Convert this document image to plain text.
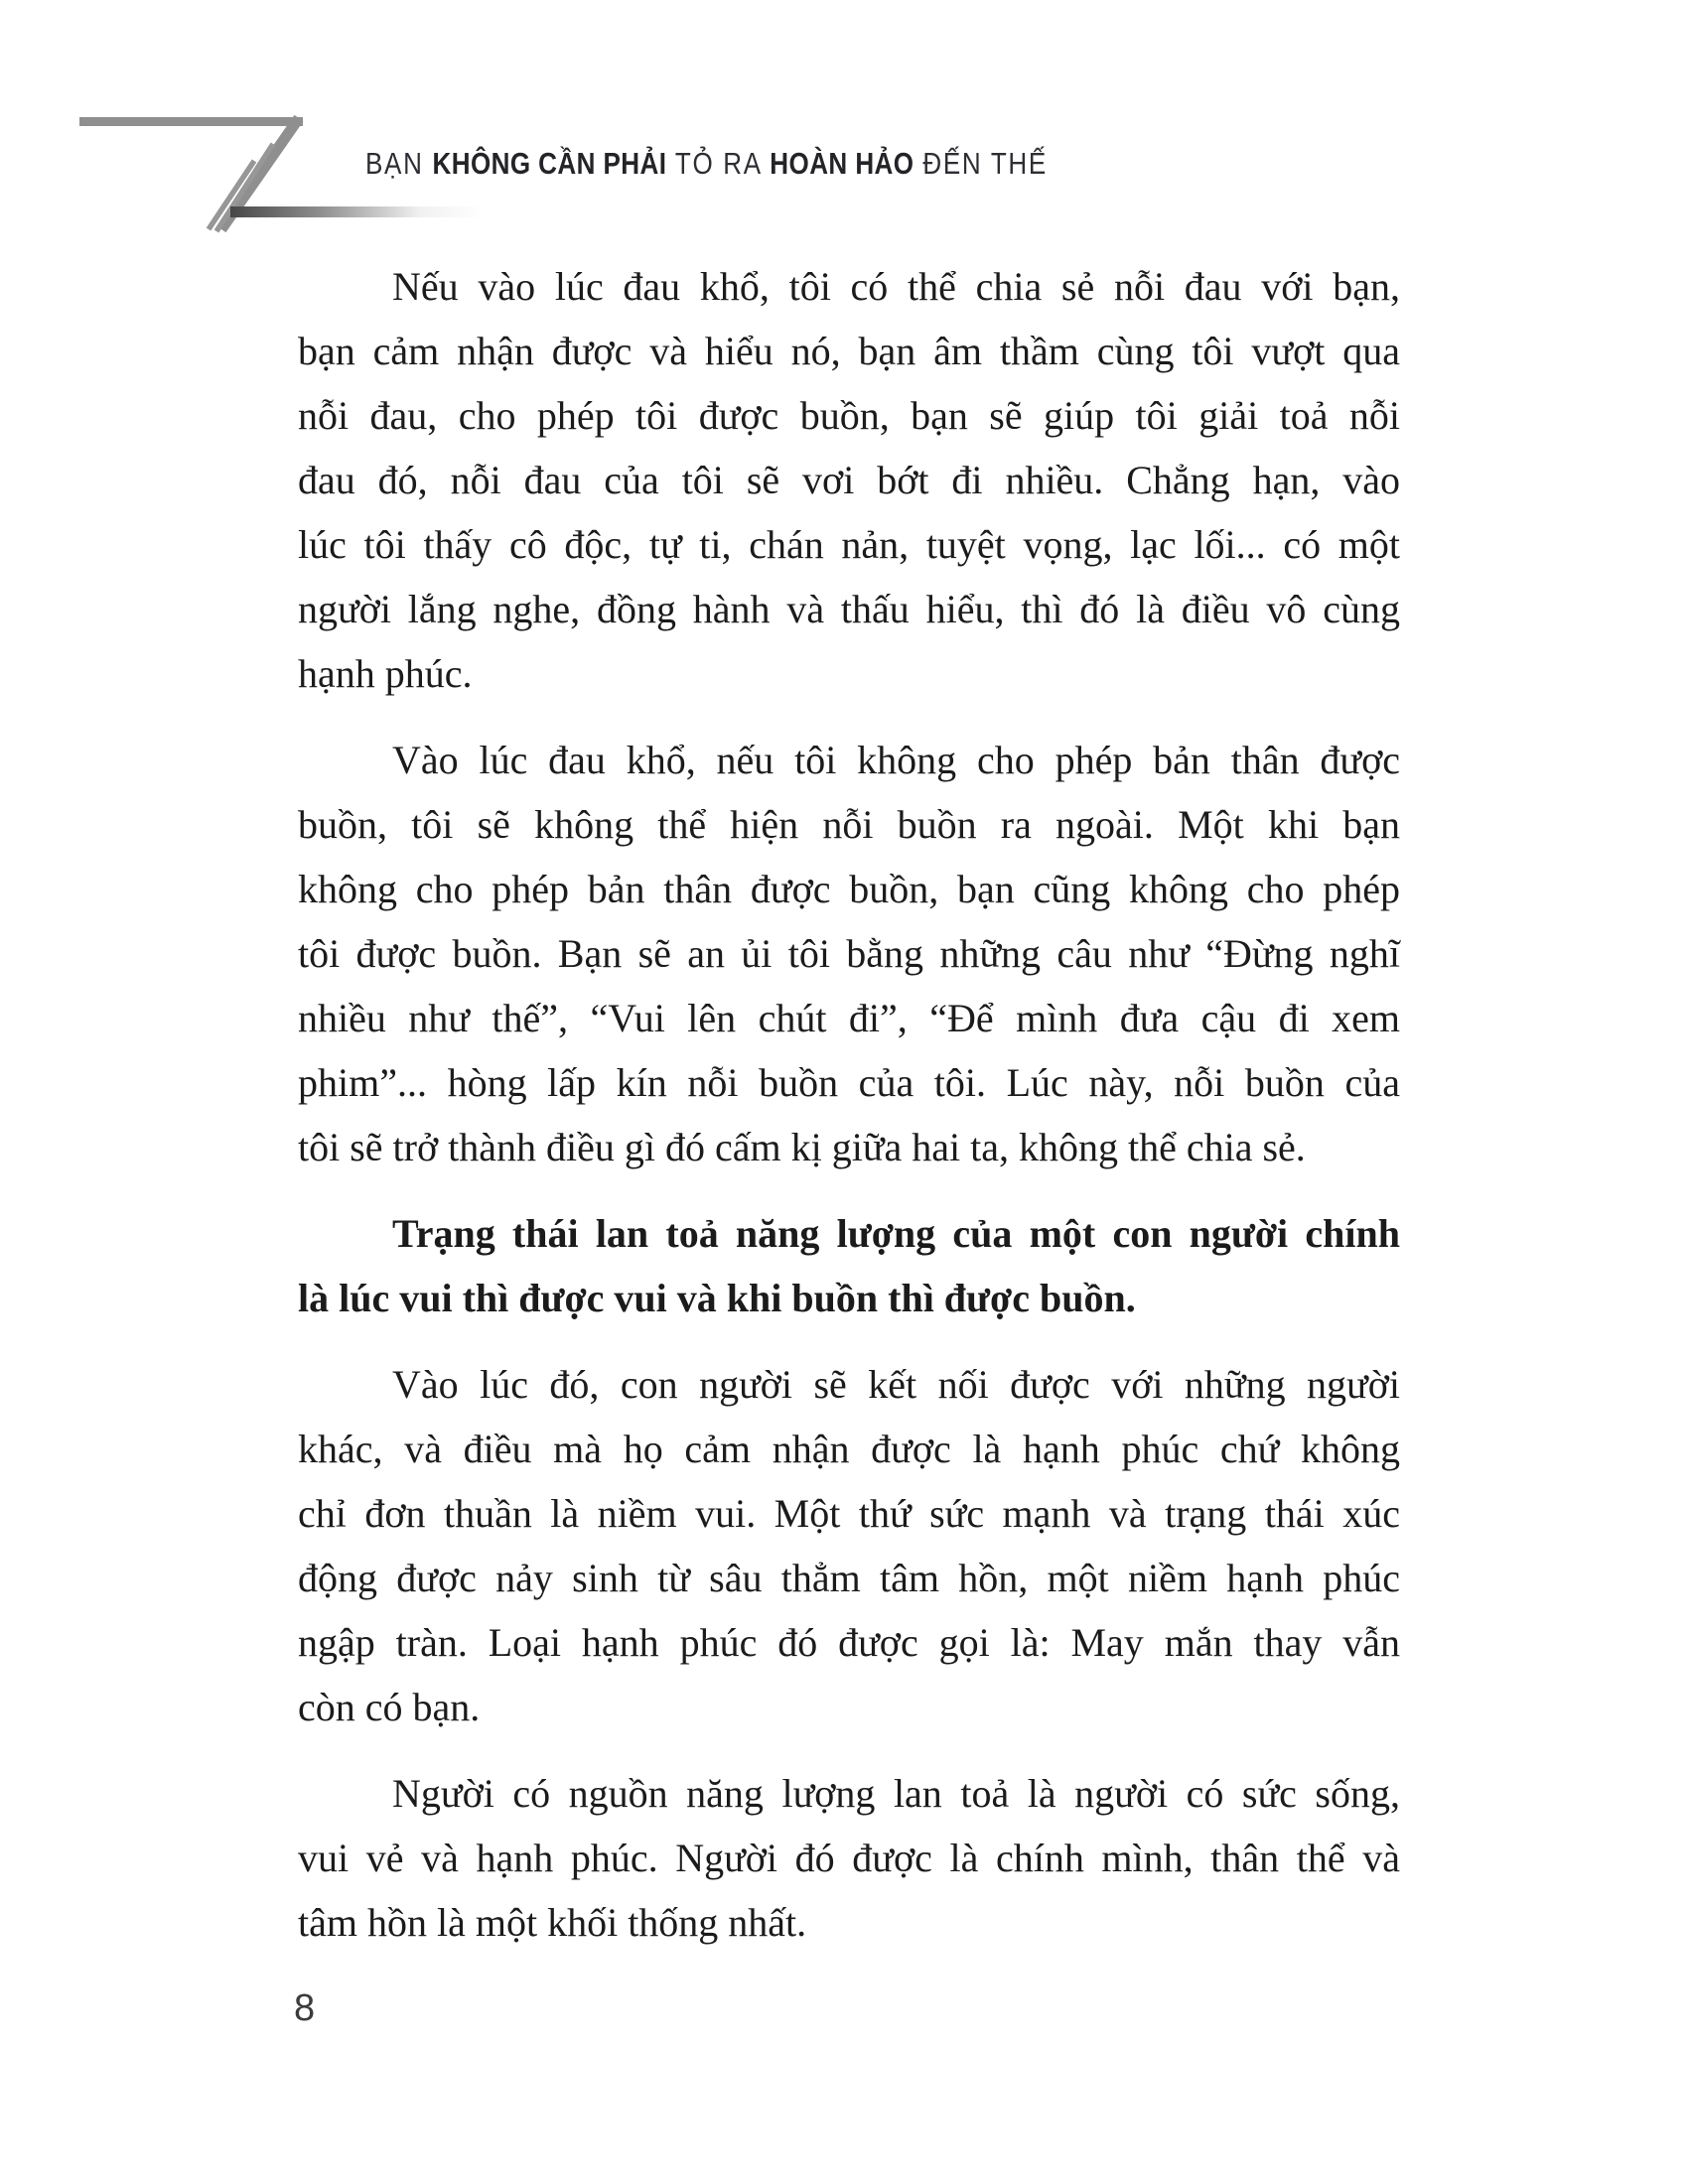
BẠN KHÔNG CẦN PHẢI TỎ RA HOÀN HẢO ĐẾN THẾ
Nếu vào lúc đau khổ, tôi có thể chia sẻ nỗi đau với bạn,
bạn cảm nhận được và hiểu nó, bạn âm thầm cùng tôi vượt qua
nỗi đau, cho phép tôi được buồn, bạn sẽ giúp tôi giải toả nỗi
đau đó, nỗi đau của tôi sẽ vơi bớt đi nhiều. Chẳng hạn, vào
lúc tôi thấy cô độc, tự ti, chán nản, tuyệt vọng, lạc lối... có một
người lắng nghe, đồng hành và thấu hiểu, thì đó là điều vô cùng
hạnh phúc.
Vào lúc đau khổ, nếu tôi không cho phép bản thân được
buồn, tôi sẽ không thể hiện nỗi buồn ra ngoài. Một khi bạn
không cho phép bản thân được buồn, bạn cũng không cho phép
tôi được buồn. Bạn sẽ an ủi tôi bằng những câu như “Đừng nghĩ
nhiều như thế”, “Vui lên chút đi”, “Để mình đưa cậu đi xem
phim”... hòng lấp kín nỗi buồn của tôi. Lúc này, nỗi buồn của
tôi sẽ trở thành điều gì đó cấm kị giữa hai ta, không thể chia sẻ.
Trạng thái lan toả năng lượng của một con người chính
là lúc vui thì được vui và khi buồn thì được buồn.
Vào lúc đó, con người sẽ kết nối được với những người
khác, và điều mà họ cảm nhận được là hạnh phúc chứ không
chỉ đơn thuần là niềm vui. Một thứ sức mạnh và trạng thái xúc
động được nảy sinh từ sâu thẳm tâm hồn, một niềm hạnh phúc
ngập tràn. Loại hạnh phúc đó được gọi là: May mắn thay vẫn
còn có bạn.
Người có nguồn năng lượng lan toả là người có sức sống,
vui vẻ và hạnh phúc. Người đó được là chính mình, thân thể và
tâm hồn là một khối thống nhất.
8
